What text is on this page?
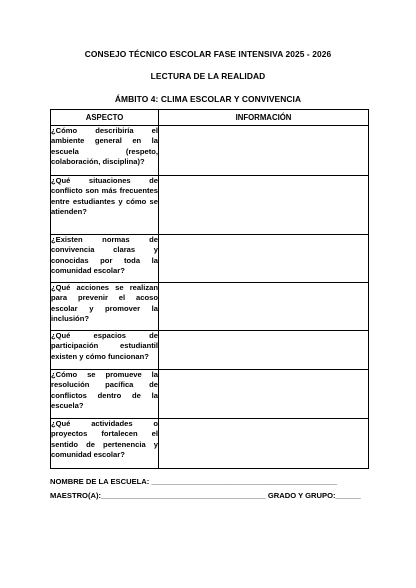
CONSEJO TÉCNICO ESCOLAR FASE INTENSIVA 2025 - 2026
LECTURA DE LA REALIDAD
ÁMBITO 4: CLIMA ESCOLAR Y CONVIVENCIA
ASPECTO	INFORMACIÓN
¿Cómo describiría el ambiente general en la escuela (respeto, colaboración, disciplina)?	
¿Qué situaciones de conflicto son más frecuentes entre estudiantes y cómo se atienden?	
¿Existen normas de convivencia claras y conocidas por toda la comunidad escolar?	
¿Qué acciones se realizan para prevenir el acoso escolar y promover la inclusión?	
¿Qué espacios de participación estudiantil existen y cómo funcionan?	
¿Cómo se promueve la resolución pacífica de conflictos dentro de la escuela?	
¿Qué actividades o proyectos fortalecen el sentido de pertenencia y comunidad escolar?	
NOMBRE DE LA ESCUELA: ____________________________________________
MAESTRO(A):_______________________________________ GRADO Y GRUPO:______
